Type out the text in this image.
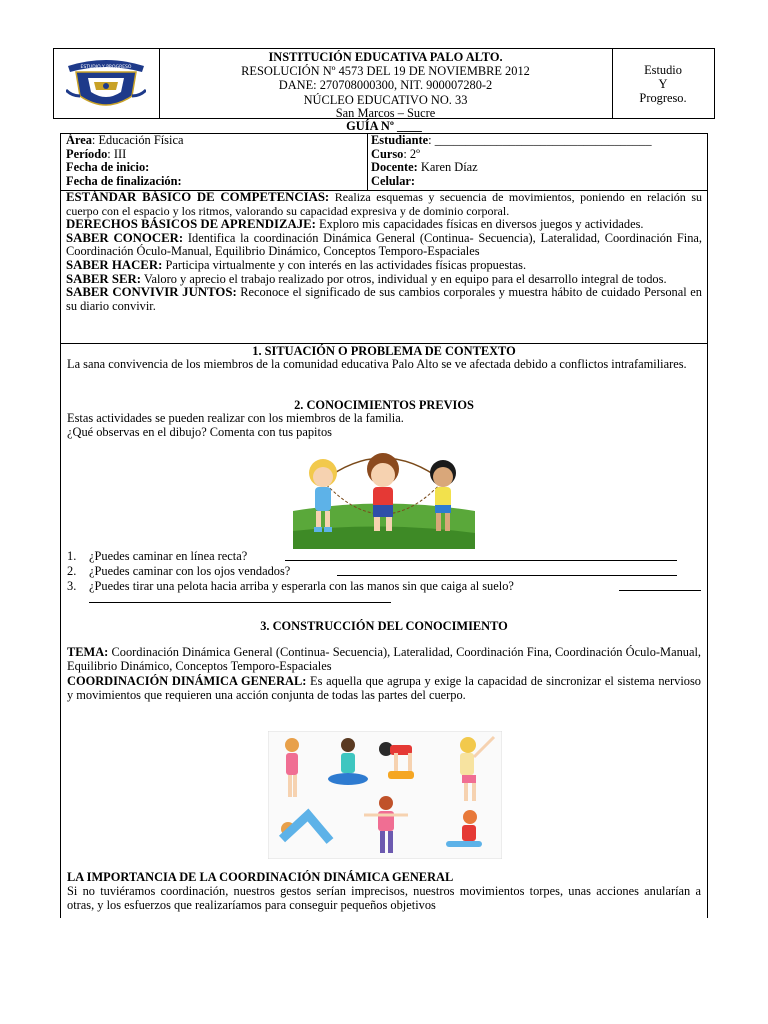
ESTUDIO Y PROGRESO
INSTITUCIÓN EDUCATIVA PALO ALTO.
RESOLUCIÓN Nº 4573 DEL 19 DE NOVIEMBRE 2012
DANE: 270708000300, NIT. 900007280-2
NÚCLEO EDUCATIVO NO. 33
San Marcos – Sucre
Estudio
Y
Progreso.
GUÍA Nº ____
Área: Educación Física
Período: III
Fecha de inicio:
Fecha de finalización:
Estudiante: ___________________________________
Curso: 2º
Docente: Karen Díaz
Celular:
ESTÁNDAR BÁSICO DE COMPETENCIAS: Realiza esquemas y secuencia de movimientos, poniendo en relación su cuerpo con el espacio y los ritmos, valorando su capacidad expresiva y de dominio corporal.
DERECHOS BÁSICOS DE APRENDIZAJE: Exploro mis capacidades físicas en diversos juegos y actividades.
SABER CONOCER: Identifica la coordinación Dinámica General (Continua- Secuencia), Lateralidad, Coordinación Fina, Coordinación Óculo-Manual, Equilibrio Dinámico, Conceptos Temporo-Espaciales
SABER HACER: Participa virtualmente y con interés en las actividades físicas propuestas.
SABER SER: Valoro y aprecio el trabajo realizado por otros, individual y en equipo para el desarrollo integral de todos.
SABER CONVIVIR JUNTOS: Reconoce el significado de sus cambios corporales y muestra hábito de cuidado Personal en su diario convivir.
1. SITUACIÓN O PROBLEMA DE CONTEXTO
La sana convivencia de los miembros de la comunidad educativa Palo Alto se ve afectada debido a conflictos intrafamiliares.
2. CONOCIMIENTOS PREVIOS
Estas actividades se pueden realizar con los miembros de la familia.
¿Qué observas en el dibujo? Comenta con tus papitos
1. ¿Puedes caminar en línea recta?
2. ¿Puedes caminar con los ojos vendados?
3. ¿Puedes tirar una pelota hacia arriba y esperarla con las manos sin que caiga al suelo?
3. CONSTRUCCIÓN DEL CONOCIMIENTO
TEMA: Coordinación Dinámica General (Continua- Secuencia), Lateralidad, Coordinación Fina, Coordinación Óculo-Manual, Equilibrio Dinámico, Conceptos Temporo-Espaciales
COORDINACIÓN DINÁMICA GENERAL: Es aquella que agrupa y exige la capacidad de sincronizar el sistema nervioso y movimientos que requieren una acción conjunta de todas las partes del cuerpo.
LA IMPORTANCIA DE LA COORDINACIÓN DINÁMICA GENERAL
Si no tuviéramos coordinación, nuestros gestos serían imprecisos, nuestros movimientos torpes, unas acciones anularían a otras, y los esfuerzos que realizaríamos para conseguir pequeños objetivos
